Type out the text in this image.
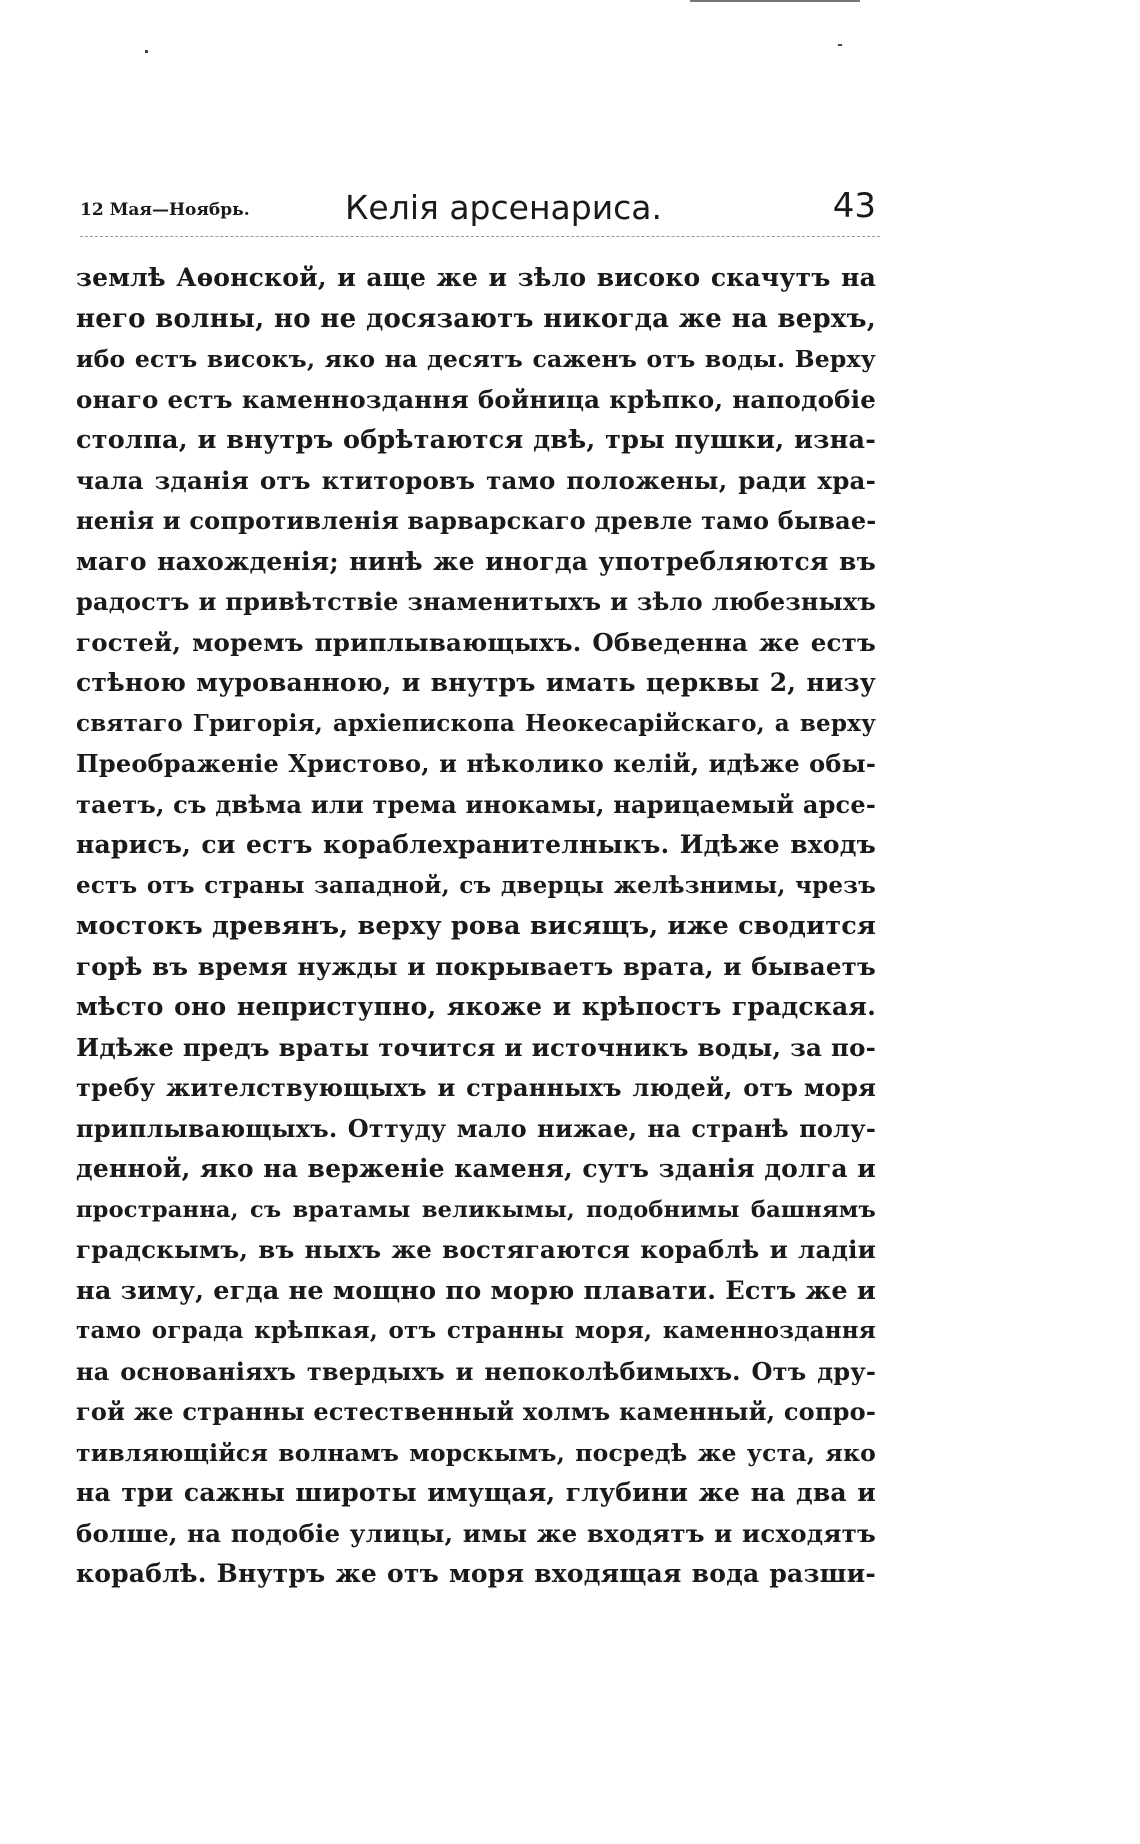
12 Мая—Ноябрь.	Келія арсенариса.	43
землѣ Аѳонской, и аще же и зѣло високо скачутъ на
него волны, но не досязаютъ никогда же на верхъ,
ибо естъ високъ, яко на десятъ саженъ отъ воды. Верху
онаго естъ каменноздання бойница крѣпко, наподобіе
столпа, и внутръ обрѣтаются двѣ, тры пушки, изна-
чала зданія отъ ктиторовъ тамо положены, ради хра-
ненія и сопротивленія варварскаго древле тамо бывае-
маго нахожденія; нинѣ же иногда употребляются въ
радостъ и привѣтствіе знаменитыхъ и зѣло любезныхъ
гостей, моремъ приплывающыхъ. Обведенна же естъ
стѣною мурованною, и внутръ имать церквы 2, низу
святаго Григорія, архіепископа Неокесарійскаго, а верху
Преображеніе Христово, и нѣколико келій, идѣже обы-
таетъ, съ двѣма или трема инокамы, нарицаемый арсе-
нарисъ, си естъ кораблехранителныкъ. Идѣже входъ
естъ отъ страны западной, съ дверцы желѣзнимы, чрезъ
мостокъ древянъ, верху рова висящъ, иже сводится
горѣ въ время нужды и покрываетъ врата, и бываетъ
мѣсто оно неприступно, якоже и крѣпостъ градская.
Идѣже предъ враты точится и источникъ воды, за по-
требу жителствующыхъ и странныхъ людей, отъ моря
приплывающыхъ. Оттуду мало нижае, на странѣ полу-
денной, яко на верженіе каменя, сутъ зданія долга и
пространна, съ вратамы великымы, подобнимы башнямъ
градскымъ, въ ныхъ же востягаются кораблѣ и ладіи
на зиму, егда не мощно по морю плавати. Естъ же и
тамо ограда крѣпкая, отъ странны моря, каменноздання
на основаніяхъ твердыхъ и непоколѣбимыхъ. Отъ дру-
гой же странны естественный холмъ каменный, сопро-
тивляющійся волнамъ морскымъ, посредѣ же уста, яко
на три сажны широты имущая, глубини же на два и
болше, на подобіе улицы, имы же входятъ и исходятъ
кораблѣ. Внутръ же отъ моря входящая вода разши-
